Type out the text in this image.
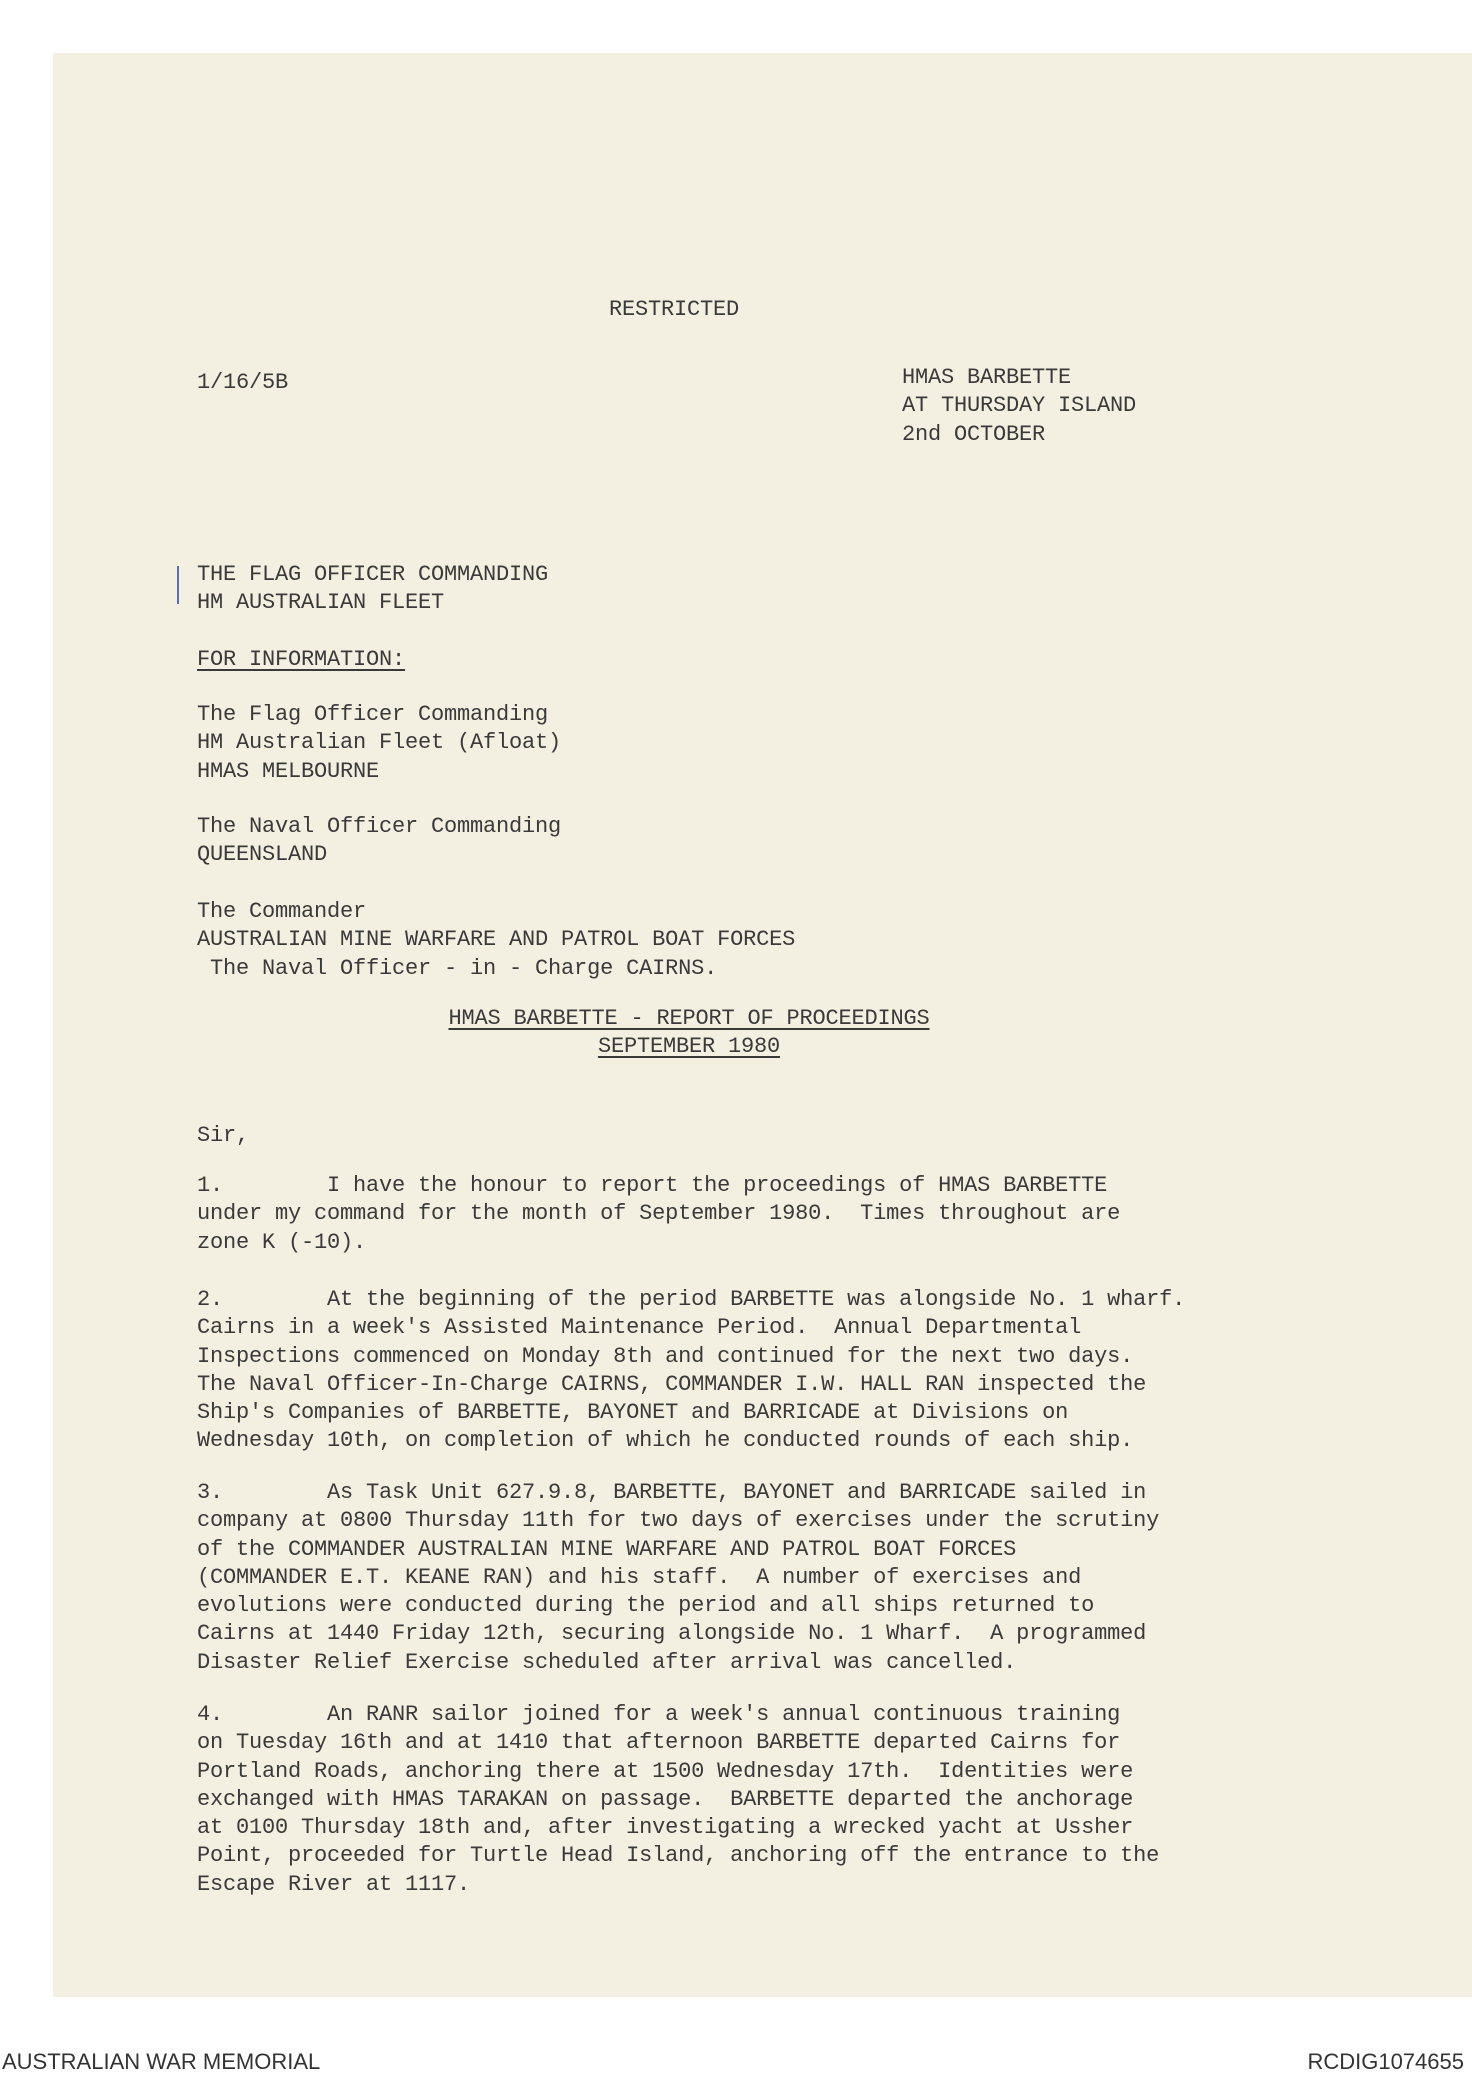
RESTRICTED
1/16/5B	HMAS BARBETTE
AT THURSDAY ISLAND
2nd OCTOBER
THE FLAG OFFICER COMMANDING
HM AUSTRALIAN FLEET
FOR INFORMATION:
The Flag Officer Commanding
HM Australian Fleet (Afloat)
HMAS MELBOURNE
The Naval Officer Commanding
QUEENSLAND
The Commander
AUSTRALIAN MINE WARFARE AND PATROL BOAT FORCES
The Naval Officer - in - Charge CAIRNS.
HMAS BARBETTE - REPORT OF PROCEEDINGS
SEPTEMBER 1980
Sir,
1.        I have the honour to report the proceedings of HMAS BARBETTE
under my command for the month of September 1980.  Times throughout are
zone K (-10).
2.        At the beginning of the period BARBETTE was alongside No. 1 wharf.
Cairns in a week's Assisted Maintenance Period.  Annual Departmental
Inspections commenced on Monday 8th and continued for the next two days.
The Naval Officer-In-Charge CAIRNS, COMMANDER I.W. HALL RAN inspected the
Ship's Companies of BARBETTE, BAYONET and BARRICADE at Divisions on
Wednesday 10th, on completion of which he conducted rounds of each ship.
3.        As Task Unit 627.9.8, BARBETTE, BAYONET and BARRICADE sailed in
company at 0800 Thursday 11th for two days of exercises under the scrutiny
of the COMMANDER AUSTRALIAN MINE WARFARE AND PATROL BOAT FORCES
(COMMANDER E.T. KEANE RAN) and his staff.  A number of exercises and
evolutions were conducted during the period and all ships returned to
Cairns at 1440 Friday 12th, securing alongside No. 1 Wharf.  A programmed
Disaster Relief Exercise scheduled after arrival was cancelled.
4.        An RANR sailor joined for a week's annual continuous training
on Tuesday 16th and at 1410 that afternoon BARBETTE departed Cairns for
Portland Roads, anchoring there at 1500 Wednesday 17th.  Identities were
exchanged with HMAS TARAKAN on passage.  BARBETTE departed the anchorage
at 0100 Thursday 18th and, after investigating a wrecked yacht at Ussher
Point, proceeded for Turtle Head Island, anchoring off the entrance to the
Escape River at 1117.
AUSTRALIAN WAR MEMORIAL	RCDIG1074655
